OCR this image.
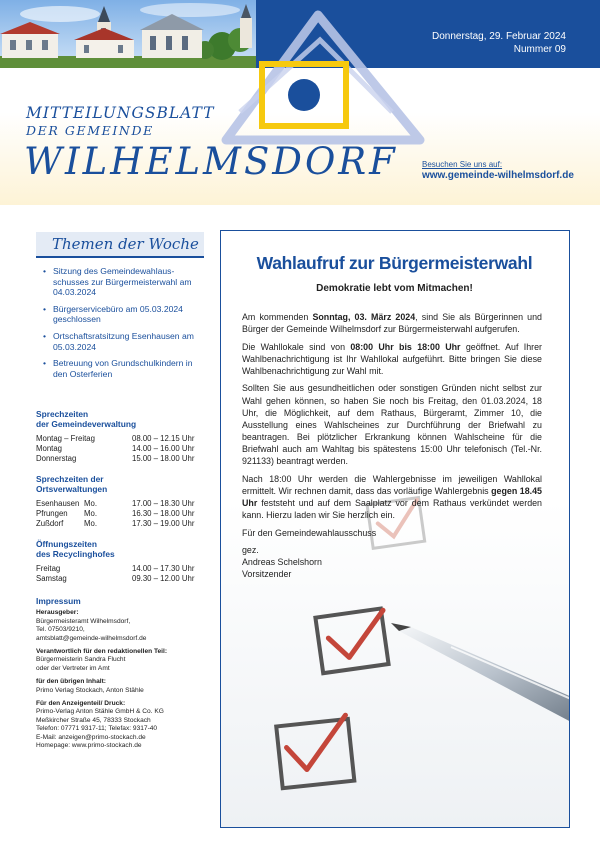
Donnerstag, 29. Februar 2024
Nummer 09
MITTEILUNGSBLATT
DER GEMEINDE
WILHELMSDORF	Besuchen Sie uns auf:
www.gemeinde-wilhelmsdorf.de
Themen der Woche
• Sitzung des Gemeindewahlaus-
schusses zur Bürgermeisterwahl am 04.03.2024
• Bürgerservicebüro am 05.03.2024 geschlossen
• Ortschaftsratsitzung Esenhausen am 05.03.2024
• Betreuung von Grundschulkindern in den Osterferien
Sprechzeiten
der Gemeindeverwaltung
Montag – Freitag	08.00 – 12.15 Uhr
Montag	14.00 – 16.00 Uhr
Donnerstag	15.00 – 18.00 Uhr
Sprechzeiten der
Ortsverwaltungen
Esenhausen Mo.	17.00 – 18.30 Uhr
Pfrungen	Mo.	16.30 – 18.00 Uhr
Zußdorf	Mo.	17.30 – 19.00 Uhr
Öffnungszeiten
des Recyclinghofes
Freitag	14.00 – 17.30 Uhr
Samstag	09.30 – 12.00 Uhr
Impressum
Herausgeber:
Bürgermeisteramt Wilhelmsdorf,
Tel. 07503/9210,
amtsblatt@gemeinde-wilhelmsdorf.de
Verantwortlich für den redaktionellen Teil:
Bürgermeisterin Sandra Flucht
oder der Vertreter im Amt
für den übrigen Inhalt:
Primo Verlag Stockach, Anton Stähle
Für den Anzeigenteil/ Druck:
Primo-Verlag Anton Stähle GmbH & Co. KG
Meßkircher Straße 45, 78333 Stockach
Telefon: 07771 9317-11; Telefax: 9317-40
E-Mail: anzeigen@primo-stockach.de
Homepage: www.primo-stockach.de
Wahlaufruf zur Bürgermeisterwahl
Demokratie lebt vom Mitmachen!

Am kommenden Sonntag, 03. März 2024, sind Sie als Bürgerinnen und Bürger der Gemeinde Wilhelmsdorf zur Bürgermeisterwahl aufgerufen.

Die Wahllokale sind von 08:00 Uhr bis 18:00 Uhr geöffnet. Auf Ihrer Wahlbenachrichtigung ist Ihr Wahllokal aufgeführt. Bitte bringen Sie diese Wahlbenachrichtigung zur Wahl mit.

Sollten Sie aus gesundheitlichen oder sonstigen Gründen nicht selbst zur Wahl gehen können, so haben Sie noch bis Freitag, den 01.03.2024, 18 Uhr, die Möglichkeit, auf dem Rathaus, Bürgeramt, Zimmer 10, die Ausstellung eines Wahlscheines zur Durchführung der Briefwahl zu beantragen. Bei plötzlicher Erkrankung können Wahlscheine für die Briefwahl auch am Wahltag bis spätestens 15:00 Uhr telefonisch (Tel.-Nr. 921133) beantragt werden.

Nach 18:00 Uhr werden die Wahlergebnisse im jeweiligen Wahllokal ermittelt. Wir rechnen damit, dass das vorläufige Wahlergebnis gegen 18.45 Uhr feststeht und auf dem Saalplatz vor dem Rathaus verkündet werden kann. Hierzu laden wir Sie herzlich ein.

Für den Gemeindewahlausschuss

gez.
Andreas Schelshorn
Vorsitzender
